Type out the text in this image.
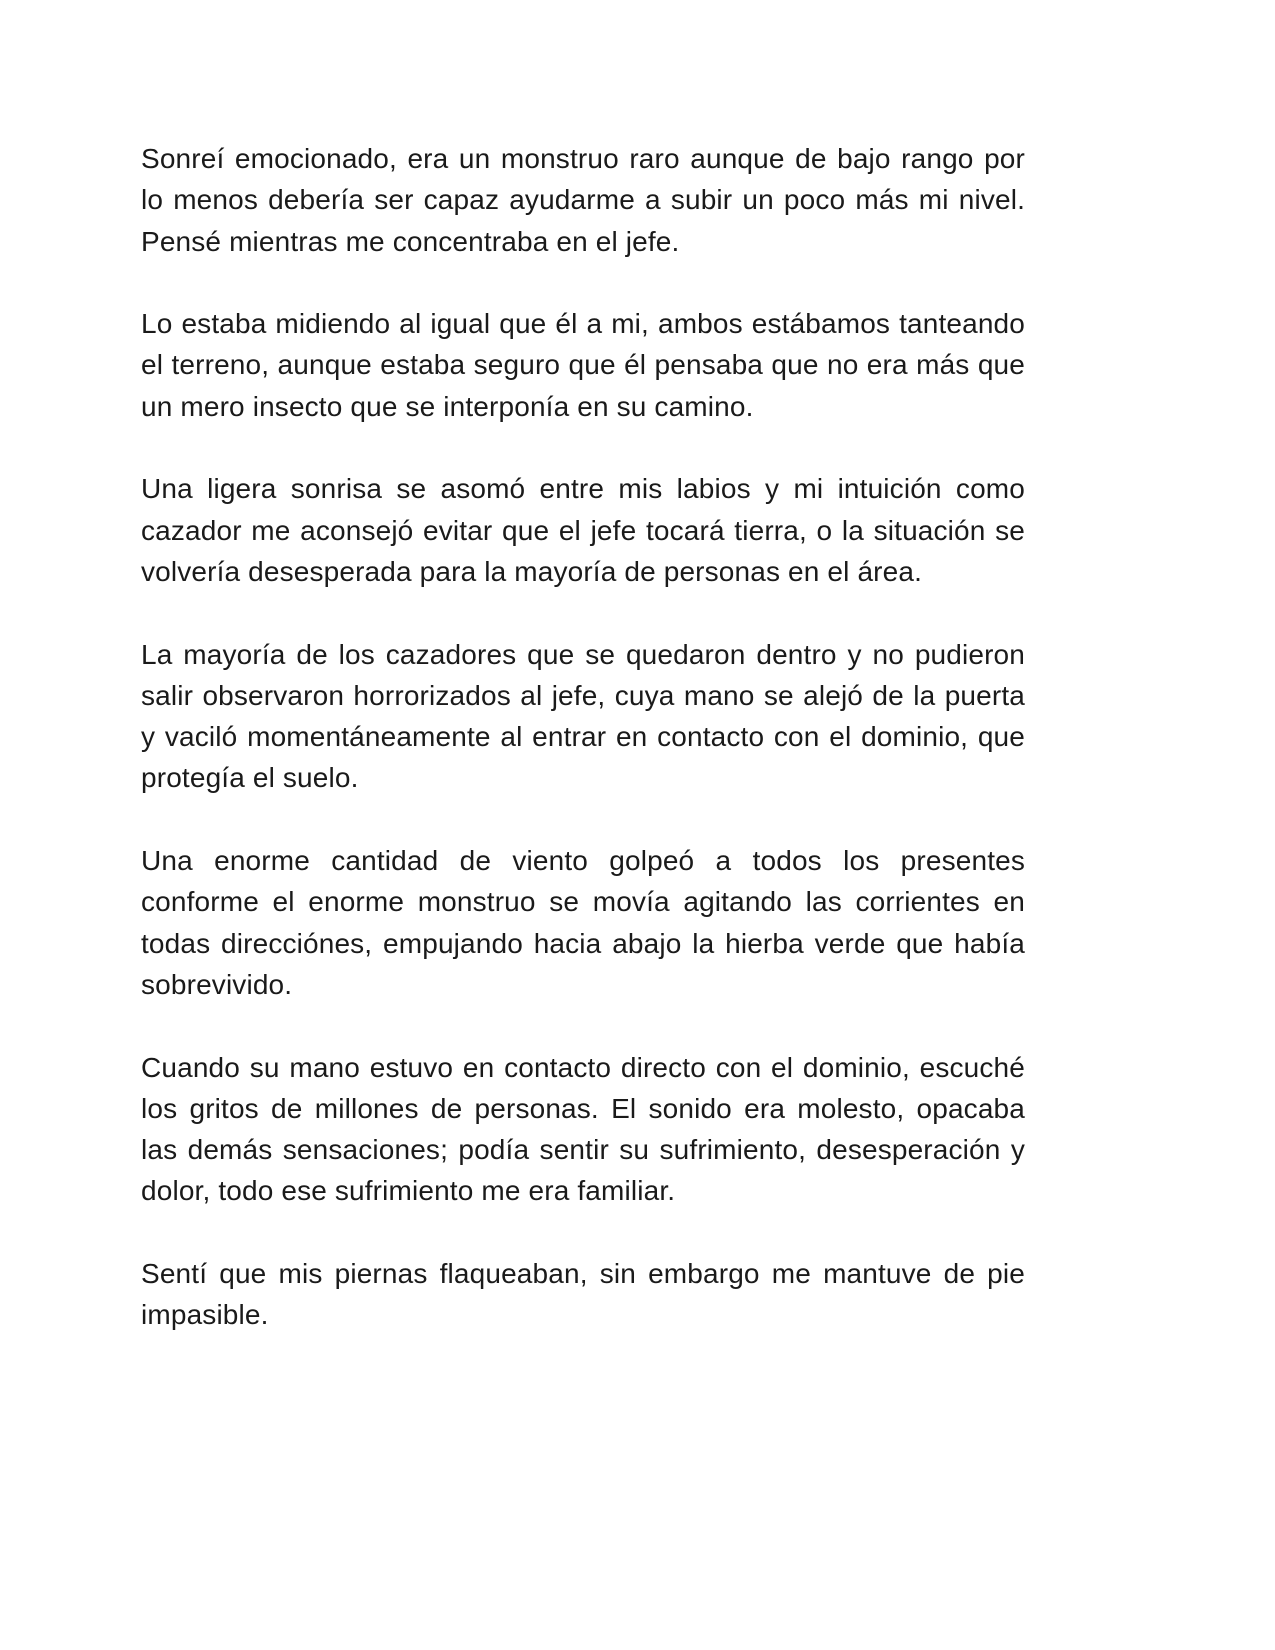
Sonreí emocionado, era un monstruo raro aunque de bajo rango por lo menos debería ser capaz ayudarme a subir un poco más mi nivel. Pensé mientras me concentraba en el jefe.

Lo estaba midiendo al igual que él a mi, ambos estábamos tanteando el terreno, aunque estaba seguro que él pensaba que no era más que un mero insecto que se interponía en su camino.

Una ligera sonrisa se asomó entre mis labios y mi intuición como cazador me aconsejó evitar que el jefe tocará tierra, o la situación se volvería desesperada para la mayoría de personas en el área.

La mayoría de los cazadores que se quedaron dentro y no pudieron salir observaron horrorizados al jefe, cuya mano se alejó de la puerta y vaciló momentáneamente al entrar en contacto con el dominio, que protegía el suelo.

Una enorme cantidad de viento golpeó a todos los presentes conforme el enorme monstruo se movía agitando las corrientes en todas direcciónes, empujando hacia abajo la hierba verde que había sobrevivido.

Cuando su mano estuvo en contacto directo con el dominio, escuché los gritos de millones de personas. El sonido era molesto, opacaba las demás sensaciones; podía sentir su sufrimiento, desesperación y dolor, todo ese sufrimiento me era familiar.

Sentí que mis piernas flaqueaban, sin embargo me mantuve de pie impasible.
